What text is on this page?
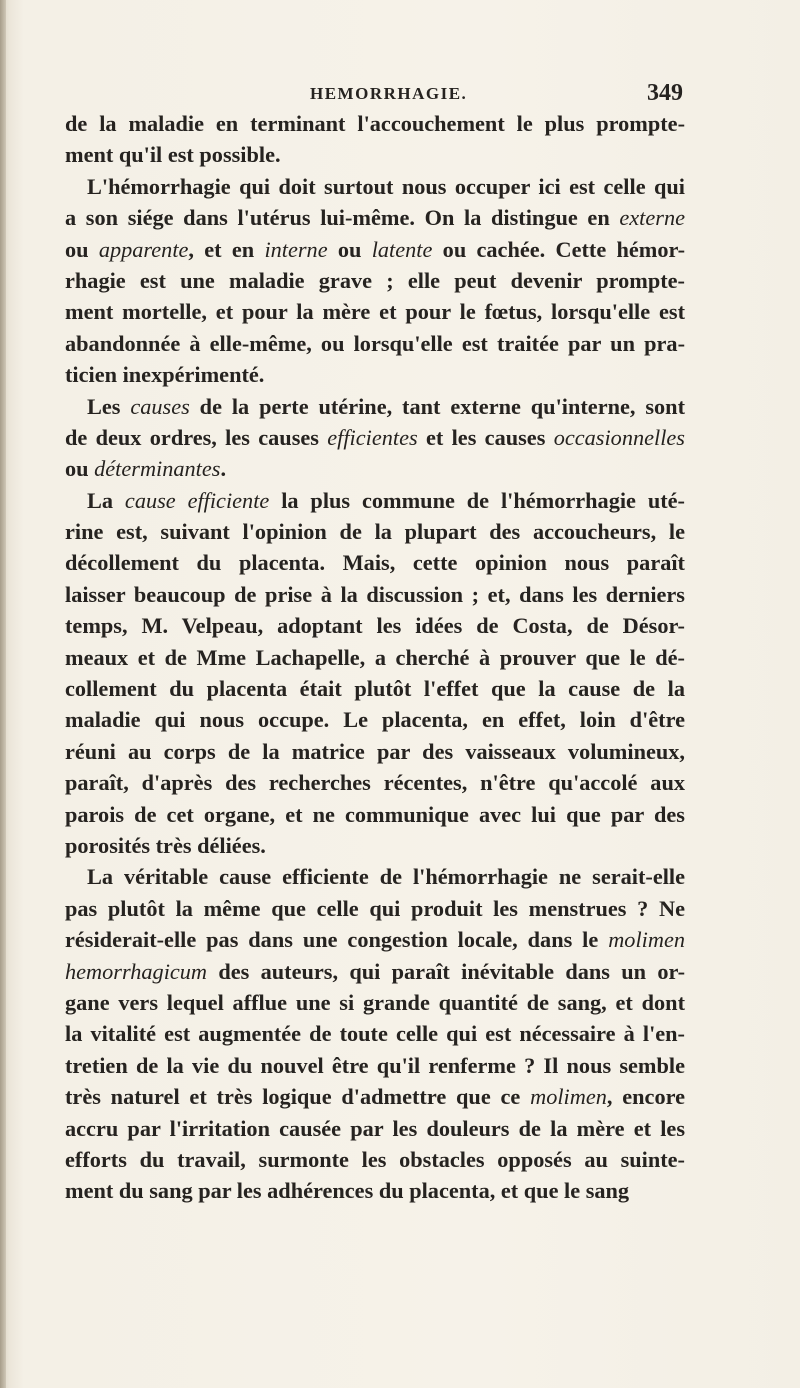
HEMORRHAGIE.	349
de la maladie en terminant l'accouchement le plus prompte-
ment qu'il est possible.
L'hémorrhagie qui doit surtout nous occuper ici est celle qui
a son siége dans l'utérus lui-même. On la distingue en externe
ou apparente, et en interne ou latente ou cachée. Cette hémor-
rhagie est une maladie grave ; elle peut devenir prompte-
ment mortelle, et pour la mère et pour le fœtus, lorsqu'elle est
abandonnée à elle-même, ou lorsqu'elle est traitée par un pra-
ticien inexpérimenté.
Les causes de la perte utérine, tant externe qu'interne, sont
de deux ordres, les causes efficientes et les causes occasionnelles
ou déterminantes.
La cause efficiente la plus commune de l'hémorrhagie uté-
rine est, suivant l'opinion de la plupart des accoucheurs, le
décollement du placenta. Mais, cette opinion nous paraît
laisser beaucoup de prise à la discussion ; et, dans les derniers
temps, M. Velpeau, adoptant les idées de Costa, de Désor-
meaux et de Mme Lachapelle, a cherché à prouver que le dé-
collement du placenta était plutôt l'effet que la cause de la
maladie qui nous occupe. Le placenta, en effet, loin d'être
réuni au corps de la matrice par des vaisseaux volumineux,
paraît, d'après des recherches récentes, n'être qu'accolé aux
parois de cet organe, et ne communique avec lui que par des
porosités très déliées.
La véritable cause efficiente de l'hémorrhagie ne serait-elle
pas plutôt la même que celle qui produit les menstrues ? Ne
résiderait-elle pas dans une congestion locale, dans le molimen
hemorrhagicum des auteurs, qui paraît inévitable dans un or-
gane vers lequel afflue une si grande quantité de sang, et dont
la vitalité est augmentée de toute celle qui est nécessaire à l'en-
tretien de la vie du nouvel être qu'il renferme ? Il nous semble
très naturel et très logique d'admettre que ce molimen, encore
accru par l'irritation causée par les douleurs de la mère et les
efforts du travail, surmonte les obstacles opposés au suinte-
ment du sang par les adhérences du placenta, et que le sang
